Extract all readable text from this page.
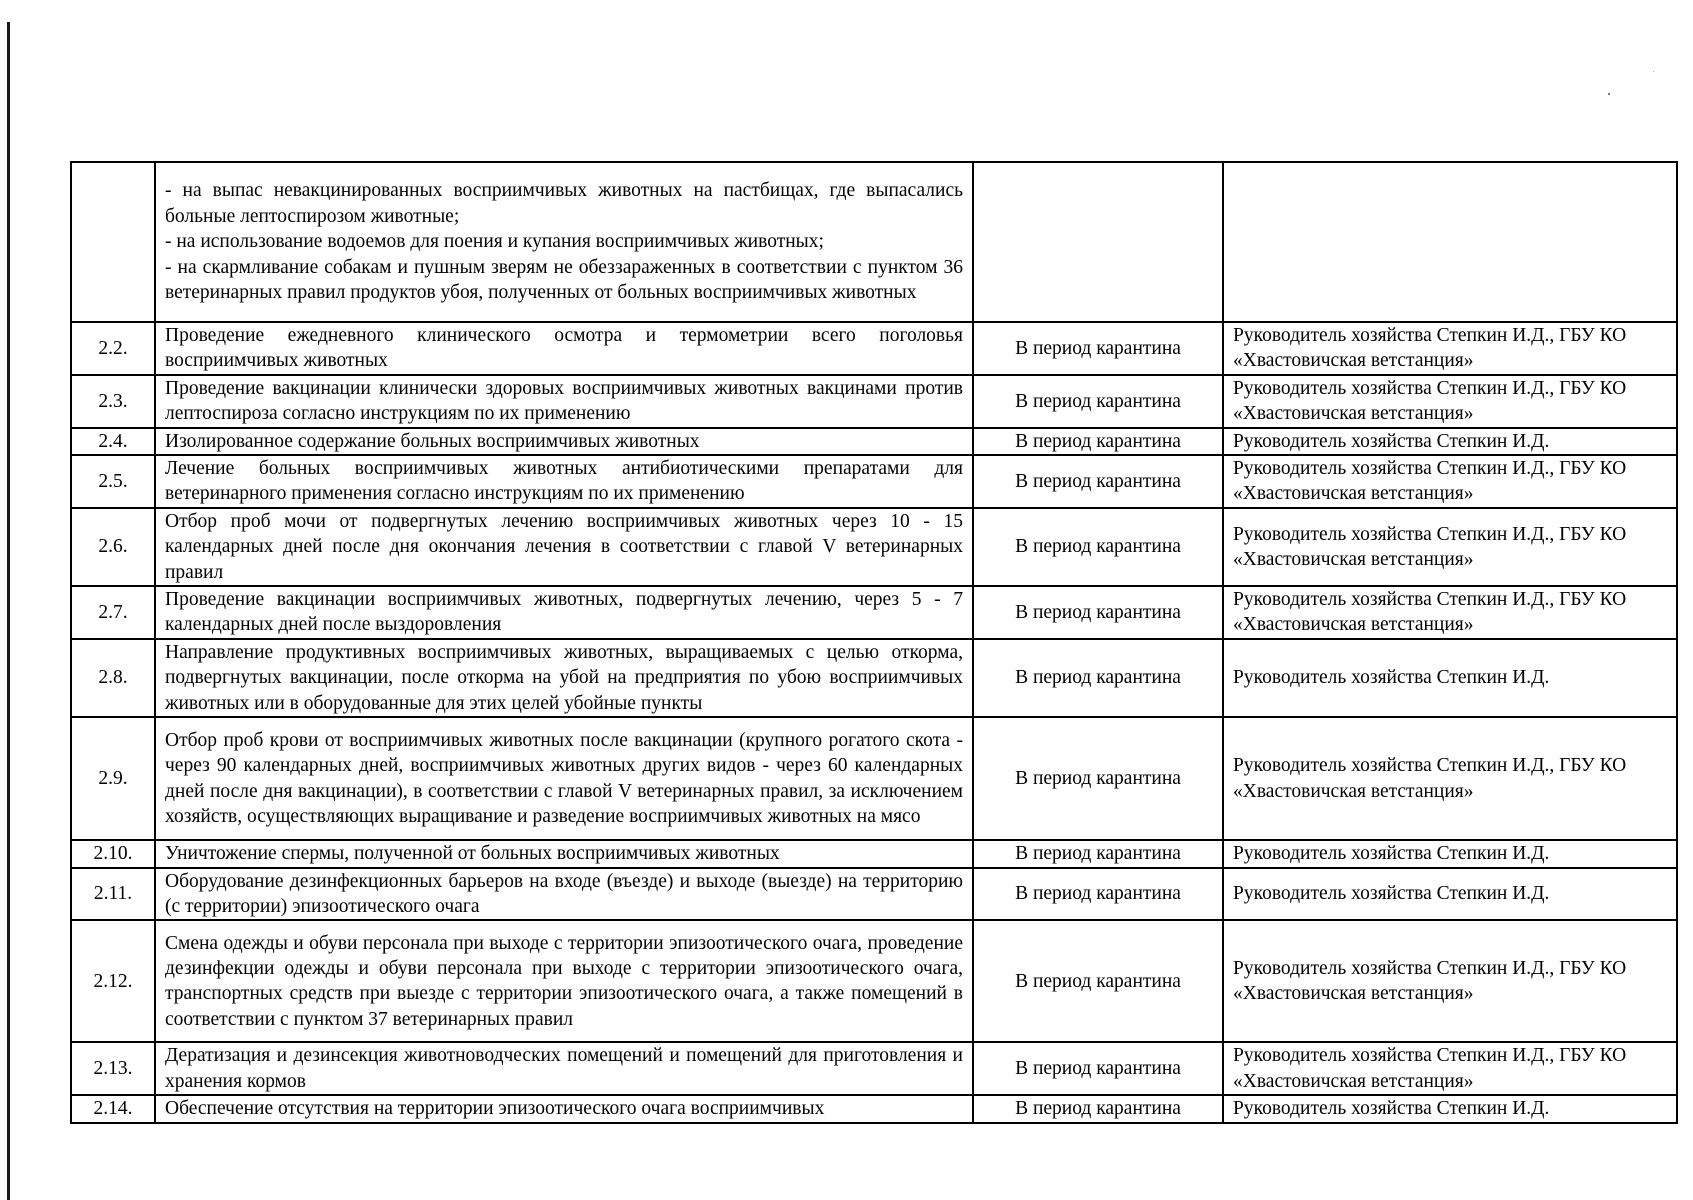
	- на выпас невакцинированных восприимчивых животных на пастбищах, где выпасались больные лептоспирозом животные;
- на использование водоемов для поения и купания восприимчивых животных;
- на скармливание собакам и пушным зверям не обеззараженных в соответствии с пунктом 36 ветеринарных правил продуктов убоя, полученных от больных восприимчивых животных		

2.2.	Проведение ежедневного клинического осмотра и термометрии всего поголовья восприимчивых животных	В период карантина	Руководитель хозяйства Степкин И.Д., ГБУ КО «Хвастовичская ветстанция»
2.3.	Проведение вакцинации клинически здоровых восприимчивых животных вакцинами против лептоспироза согласно инструкциям по их применению	В период карантина	Руководитель хозяйства Степкин И.Д., ГБУ КО «Хвастовичская ветстанция»
2.4.	Изолированное содержание больных восприимчивых животных	В период карантина	Руководитель хозяйства Степкин И.Д.
2.5.	Лечение больных восприимчивых животных антибиотическими препаратами для ветеринарного применения согласно инструкциям по их применению	В период карантина	Руководитель хозяйства Степкин И.Д., ГБУ КО «Хвастовичская ветстанция»
2.6.	Отбор проб мочи от подвергнутых лечению восприимчивых животных через 10 - 15 календарных дней после дня окончания лечения в соответствии с главой V ветеринарных правил	В период карантина	Руководитель хозяйства Степкин И.Д., ГБУ КО «Хвастовичская ветстанция»
2.7.	Проведение вакцинации восприимчивых животных, подвергнутых лечению, через 5 - 7 календарных дней после выздоровления	В период карантина	Руководитель хозяйства Степкин И.Д., ГБУ КО «Хвастовичская ветстанция»
2.8.	Направление продуктивных восприимчивых животных, выращиваемых с целью откорма, подвергнутых вакцинации, после откорма на убой на предприятия по убою восприимчивых животных или в оборудованные для этих целей убойные пункты	В период карантина	Руководитель хозяйства Степкин И.Д.
2.9.	Отбор проб крови от восприимчивых животных после вакцинации (крупного рогатого скота - через 90 календарных дней, восприимчивых животных других видов - через 60 календарных дней после дня вакцинации), в соответствии с главой V ветеринарных правил, за исключением хозяйств, осуществляющих выращивание и разведение восприимчивых животных на мясо	В период карантина	Руководитель хозяйства Степкин И.Д., ГБУ КО «Хвастовичская ветстанция»
2.10.	Уничтожение спермы, полученной от больных восприимчивых животных	В период карантина	Руководитель хозяйства Степкин И.Д.
2.11.	Оборудование дезинфекционных барьеров на входе (въезде) и выходе (выезде) на территорию (с территории) эпизоотического очага	В период карантина	Руководитель хозяйства Степкин И.Д.
2.12.	Смена одежды и обуви персонала при выходе с территории эпизоотического очага, проведение дезинфекции одежды и обуви персонала при выходе с территории эпизоотического очага, транспортных средств при выезде с территории эпизоотического очага, а также помещений в соответствии с пунктом 37 ветеринарных правил	В период карантина	Руководитель хозяйства Степкин И.Д., ГБУ КО «Хвастовичская ветстанция»
2.13.	Дератизация и дезинсекция животноводческих помещений и помещений для приготовления и хранения кормов	В период карантина	Руководитель хозяйства Степкин И.Д., ГБУ КО «Хвастовичская ветстанция»
2.14.	Обеспечение отсутствия на территории эпизоотического очага восприимчивых	В период карантина	Руководитель хозяйства Степкин И.Д.
